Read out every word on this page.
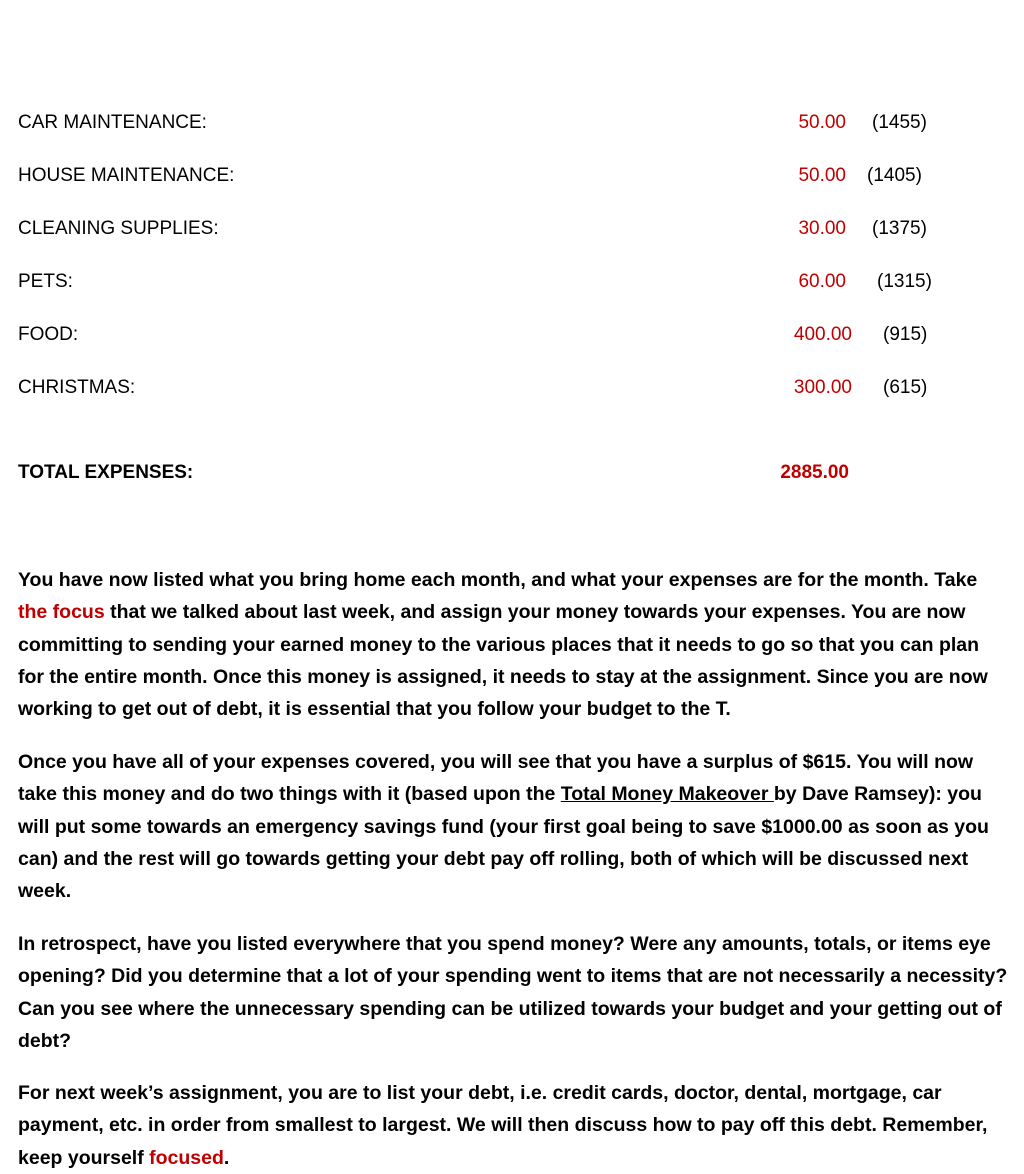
CAR MAINTENANCE:	50.00 (1455)
HOUSE MAINTENANCE:	50.00 (1405)
CLEANING SUPPLIES:	30.00 (1375)
PETS:	60.00 (1315)
FOOD:	400.00 (915)
CHRISTMAS:	300.00 (615)
TOTAL EXPENSES:	2885.00

You have now listed what you bring home each month, and what your expenses are for the month. Take the focus that we talked about last week, and assign your money towards your expenses. You are now committing to sending your earned money to the various places that it needs to go so that you can plan for the entire month. Once this money is assigned, it needs to stay at the assignment. Since you are now working to get out of debt, it is essential that you follow your budget to the T.

Once you have all of your expenses covered, you will see that you have a surplus of $615. You will now take this money and do two things with it (based upon the Total Money Makeover by Dave Ramsey): you will put some towards an emergency savings fund (your first goal being to save $1000.00 as soon as you can) and the rest will go towards getting your debt pay off rolling, both of which will be discussed next week.

In retrospect, have you listed everywhere that you spend money? Were any amounts, totals, or items eye opening? Did you determine that a lot of your spending went to items that are not necessarily a necessity? Can you see where the unnecessary spending can be utilized towards your budget and your getting out of debt?

For next week’s assignment, you are to list your debt, i.e. credit cards, doctor, dental, mortgage, car payment, etc. in order from smallest to largest. We will then discuss how to pay off this debt. Remember, keep yourself focused.
